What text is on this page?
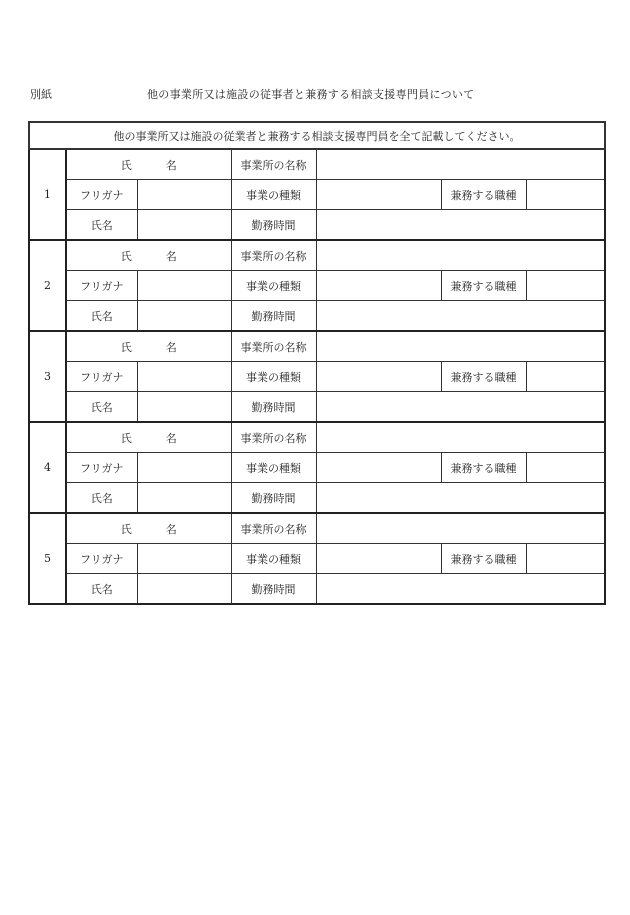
別紙	他の事業所又は施設の従事者と兼務する相談支援専門員について
他の事業所又は施設の従業者と兼務する相談支援専門員を全て記載してください。						
1	氏 名		事業所の名称			
	フリガナ		事業の種類		兼務する職種	
	氏名		勤務時間			
2	氏 名		事業所の名称			
	フリガナ		事業の種類		兼務する職種	
	氏名		勤務時間			
3	氏 名		事業所の名称			
	フリガナ		事業の種類		兼務する職種	
	氏名		勤務時間			
4	氏 名		事業所の名称			
	フリガナ		事業の種類		兼務する職種	
	氏名		勤務時間			
5	氏 名		事業所の名称			
	フリガナ		事業の種類		兼務する職種	
	氏名		勤務時間			
